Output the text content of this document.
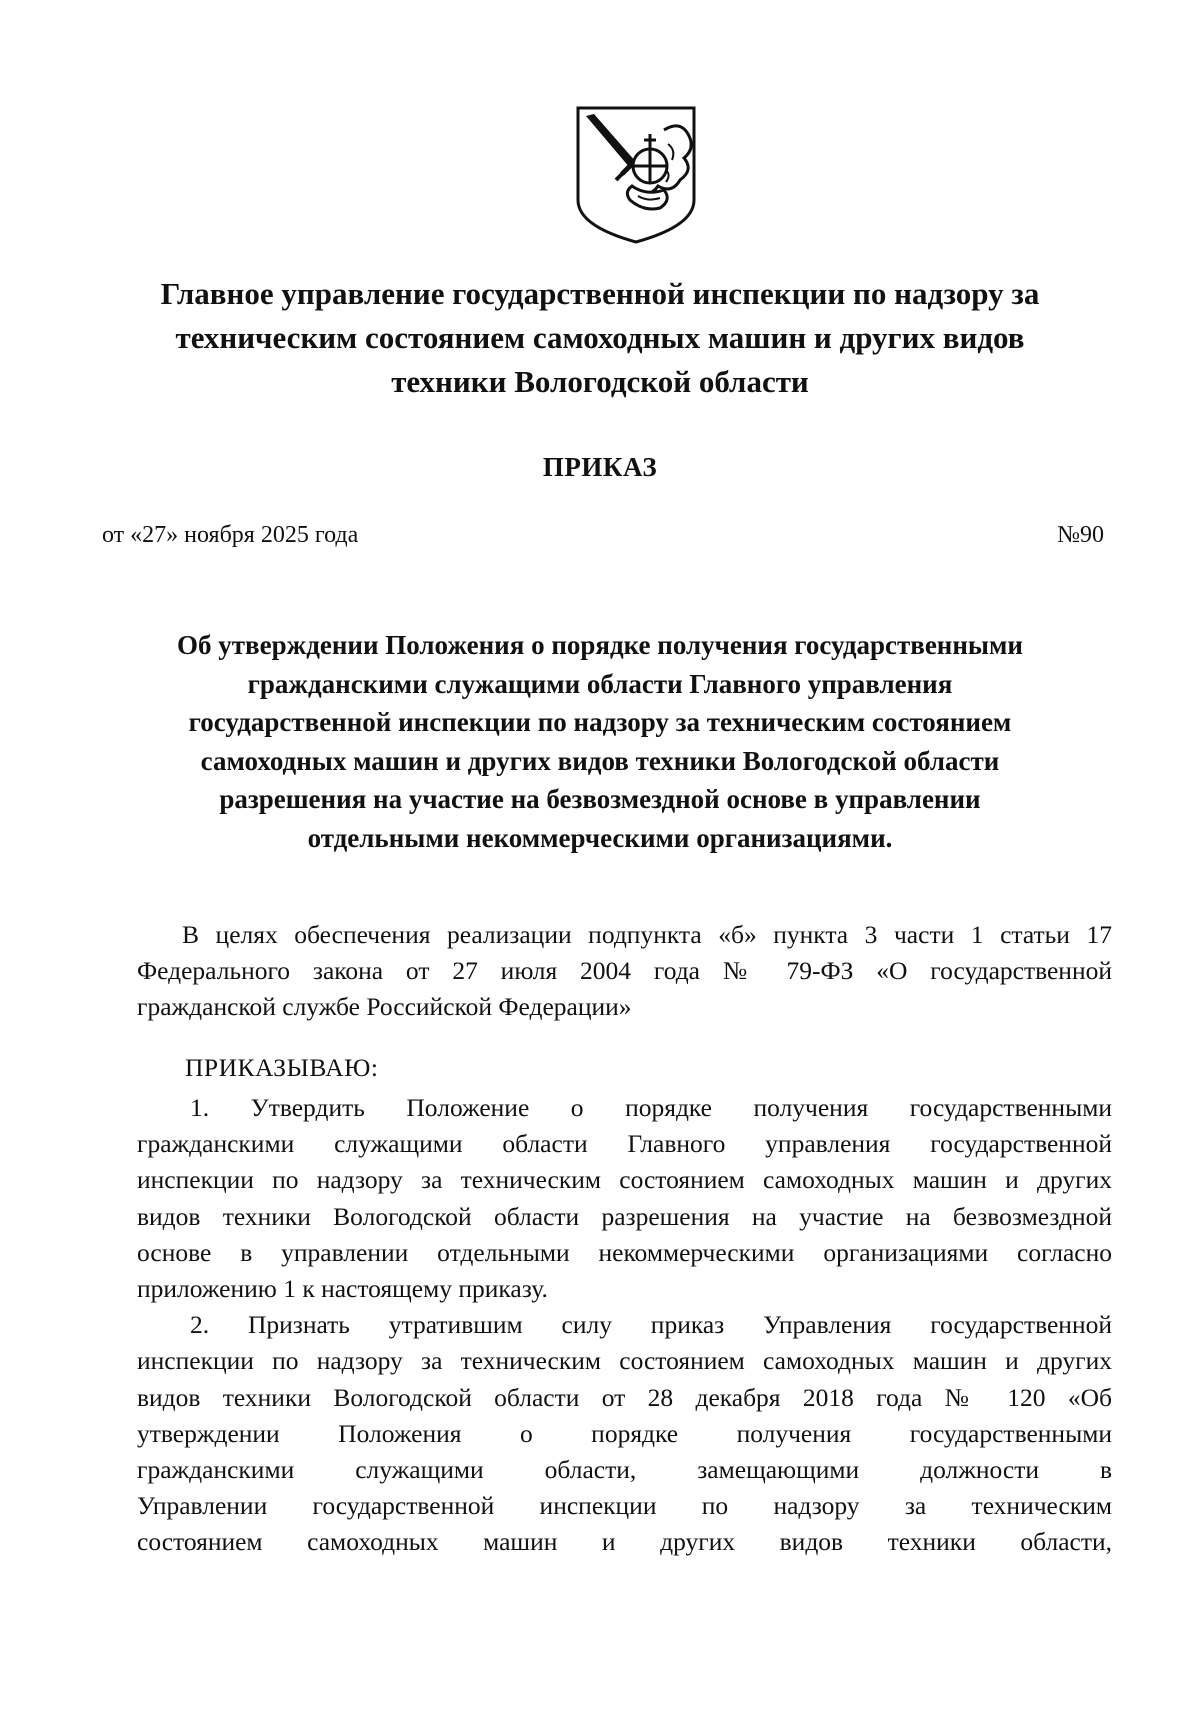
Главное управление государственной инспекции по надзору за
техническим состоянием самоходных машин и других видов
техники Вологодской области
ПРИКАЗ
от «27» ноября 2025 года	№90
Об утверждении Положения о порядке получения государственными
гражданскими служащими области Главного управления
государственной инспекции по надзору за техническим состоянием
самоходных машин и других видов техники Вологодской области
разрешения на участие на безвозмездной основе в управлении
отдельными некоммерческими организациями.
В целях обеспечения реализации подпункта «б» пункта 3 части 1 статьи 17
Федерального закона от 27 июля 2004 года № 79-ФЗ «О государственной
гражданской службе Российской Федерации»
ПРИКАЗЫВАЮ:
1. Утвердить Положение о порядке получения государственными
гражданскими служащими области Главного управления государственной
инспекции по надзору за техническим состоянием самоходных машин и других
видов техники Вологодской области разрешения на участие на безвозмездной
основе в управлении отдельными некоммерческими организациями согласно
приложению 1 к настоящему приказу.
2. Признать утратившим силу приказ Управления государственной
инспекции по надзору за техническим состоянием самоходных машин и других
видов техники Вологодской области от 28 декабря 2018 года № 120 «Об
утверждении Положения о порядке получения государственными
гражданскими служащими области, замещающими должности в
Управлении государственной инспекции по надзору за техническим
состоянием самоходных машин и других видов техники области,
